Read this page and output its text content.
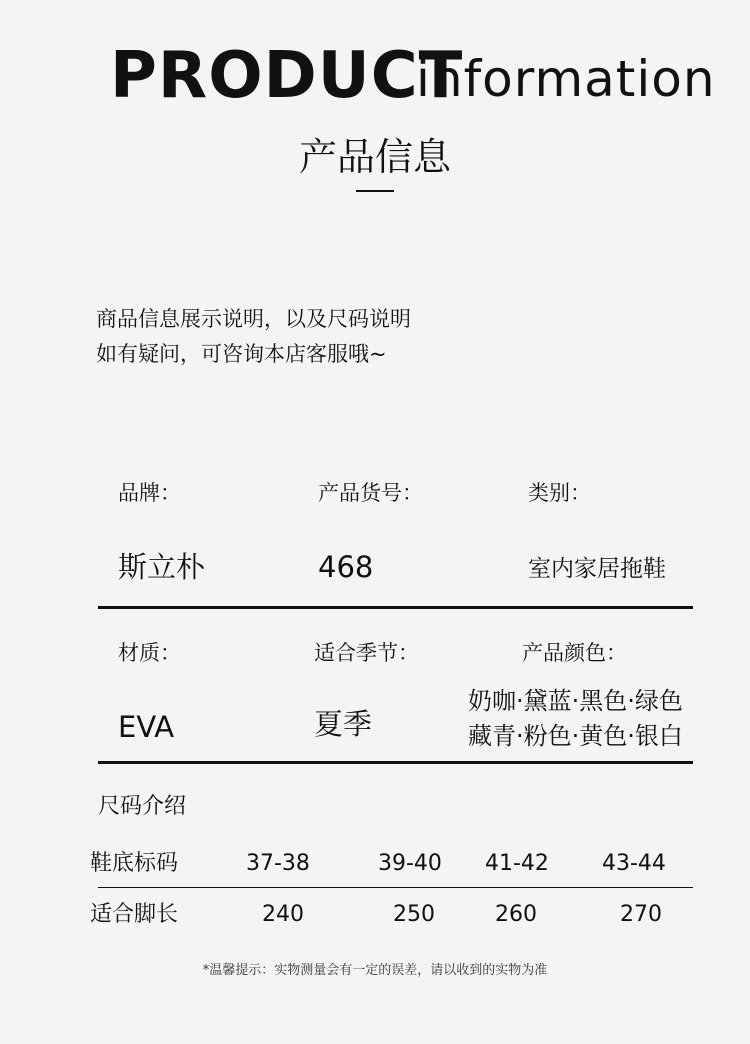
PRODUCT
information
产品信息
商品信息展示说明，以及尺码说明
如有疑问，可咨询本店客服哦~
品牌：	产品货号：	类别：
斯立朴	468	室内家居拖鞋
材质：	适合季节：	产品颜色：
EVA	夏季
奶咖·黛蓝·黑色·绿色
藏青·粉色·黄色·银白
尺码介绍
鞋底标码	37-38	39-40 41-42 43-44
适合脚长	240	250	260	270
*温馨提示：实物测量会有一定的误差，请以收到的实物为准
